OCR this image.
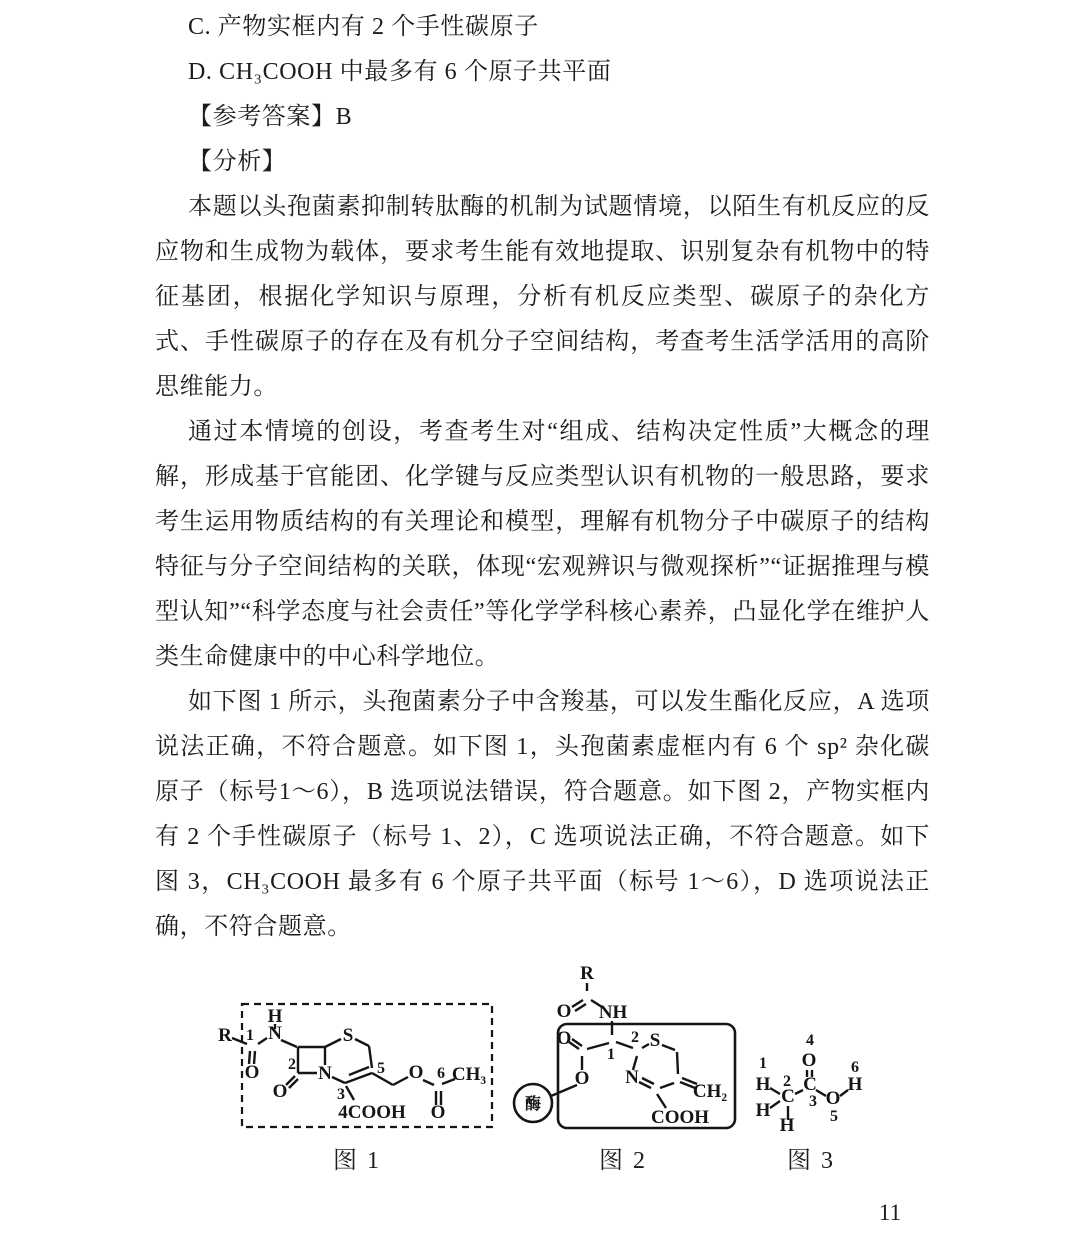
C. 产物实框内有 2 个手性碳原子
D. CH₃COOH 中最多有 6 个原子共平面
【参考答案】B
【分析】

本题以头孢菌素抑制转肽酶的机制为试题情境，以陌生有机反应的反应物和生成物为载体，要求考生能有效地提取、识别复杂有机物中的特征基团，根据化学知识与原理，分析有机反应类型、碳原子的杂化方式、手性碳原子的存在及有机分子空间结构，考查考生活学活用的高阶思维能力。

通过本情境的创设，考查考生对“组成、结构决定性质”大概念的理解，形成基于官能团、化学键与反应类型认识有机物的一般思路，要求考生运用物质结构的有关理论和模型，理解有机物分子中碳原子的结构特征与分子空间结构的关联，体现“宏观辨识与微观探析”“证据推理与模型认知”“科学态度与社会责任”等化学学科核心素养，凸显化学在维护人类生命健康中的中心科学地位。

如下图 1 所示，头孢菌素分子中含羧基，可以发生酯化反应，A 选项说法正确，不符合题意。如下图 1，头孢菌素虚框内有 6 个 sp² 杂化碳原子（标号1～6），B 选项说法错误，符合题意。如下图 2，产物实框内有 2 个手性碳原子（标号 1、2），C 选项说法正确，不符合题意。如下图 3，CH₃COOH 最多有 6 个原子共平面（标号 1～6），D 选项说法正确，不符合题意。

R 1
H
N
O 2
O
N
S
5
3
4COOH
O 6
O
CH₃
R
O NH
1
O
O
酶
2 S
N
CH₂
COOH
1
H 2
C
H
H
4
O
C
3 O
5
H
6
图 1	图 2	图 3
11
